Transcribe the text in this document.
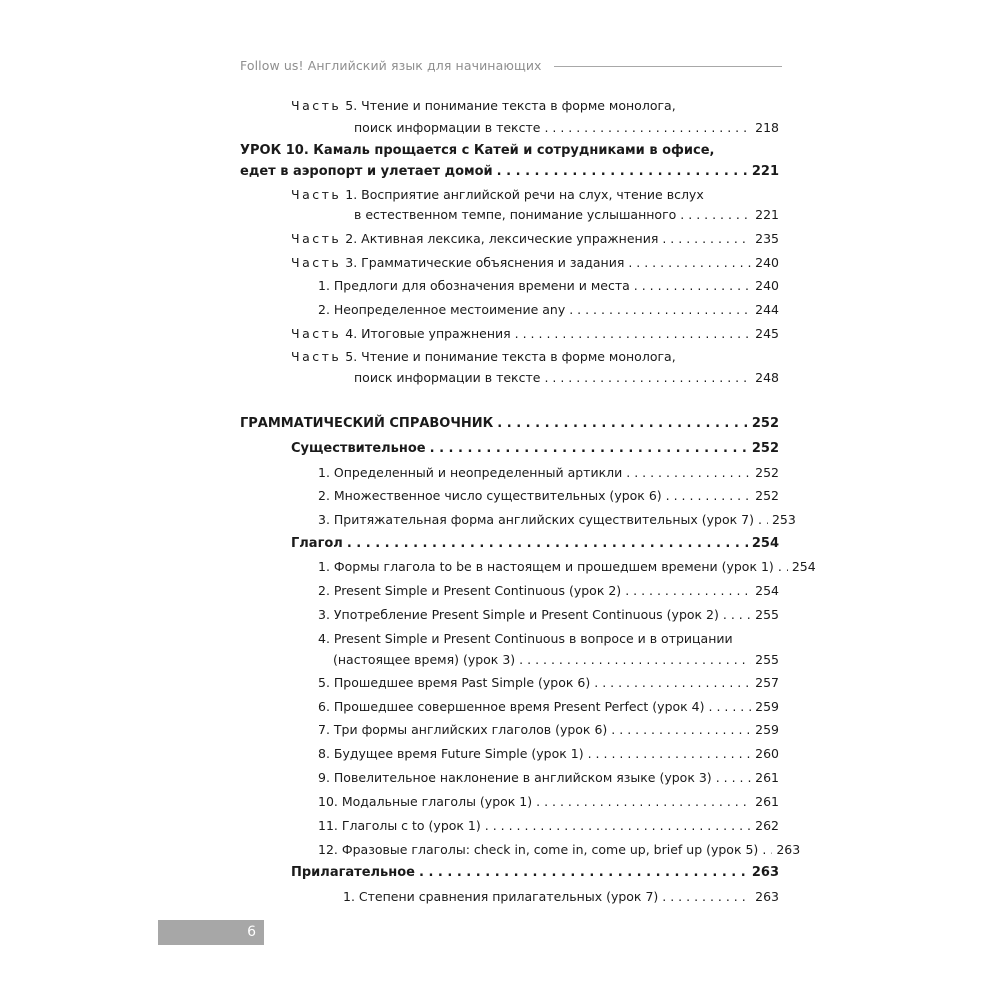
Follow us! Английский язык для начинающих
Часть 5. Чтение и понимание текста в форме монолога,
поиск информации в тексте . . .	218
УРОК 10. Камаль прощается с Катей и сотрудниками в офисе,
едет в аэропорт и улетает домой . . .	221
Часть 1. Восприятие английской речи на слух, чтение вслух
в естественном темпе, понимание услышанного . . .	221
Часть 2. Активная лексика, лексические упражнения . . .	235
Часть 3. Грамматические объяснения и задания . . .	240
1. Предлоги для обозначения времени и места . . .	240
2. Неопределенное местоимение any . . .	244
Часть 4. Итоговые упражнения . . .	245
Часть 5. Чтение и понимание текста в форме монолога,
поиск информации в тексте . . .	248
ГРАММАТИЧЕСКИЙ СПРАВОЧНИК . . .	252
Существительное . . .	252
1. Определенный и неопределенный артикли . . .	252
2. Множественное число существительных (урок 6) . . .	252
3. Притяжательная форма английских существительных (урок 7) . . . 253
Глагол . . .	254
1. Формы глагола to be в настоящем и прошедшем времени (урок 1) . . . 254
2. Present Simple и Present Continuous (урок 2) . . .	254
3. Употребление Present Simple и Present Continuous (урок 2) . . .	255
4. Present Simple и Present Continuous в вопросе и в отрицании
(настоящее время) (урок 3) . . .	255
5. Прошедшее время Past Simple (урок 6) . . .	257
6. Прошедшее совершенное время Present Perfect (урок 4) . . .	259
7. Три формы английских глаголов (урок 6) . . .	259
8. Будущее время Future Simple (урок 1) . . .	260
9. Повелительное наклонение в английском языке (урок 3) . . .	261
10. Модальные глаголы (урок 1) . . .	261
11. Глаголы с to (урок 1) . . .	262
12. Фразовые глаголы: check in, come in, come up, brief up (урок 5) . . . 263
Прилагательное . . .	263
1. Степени сравнения прилагательных (урок 7) . . .	263
6
